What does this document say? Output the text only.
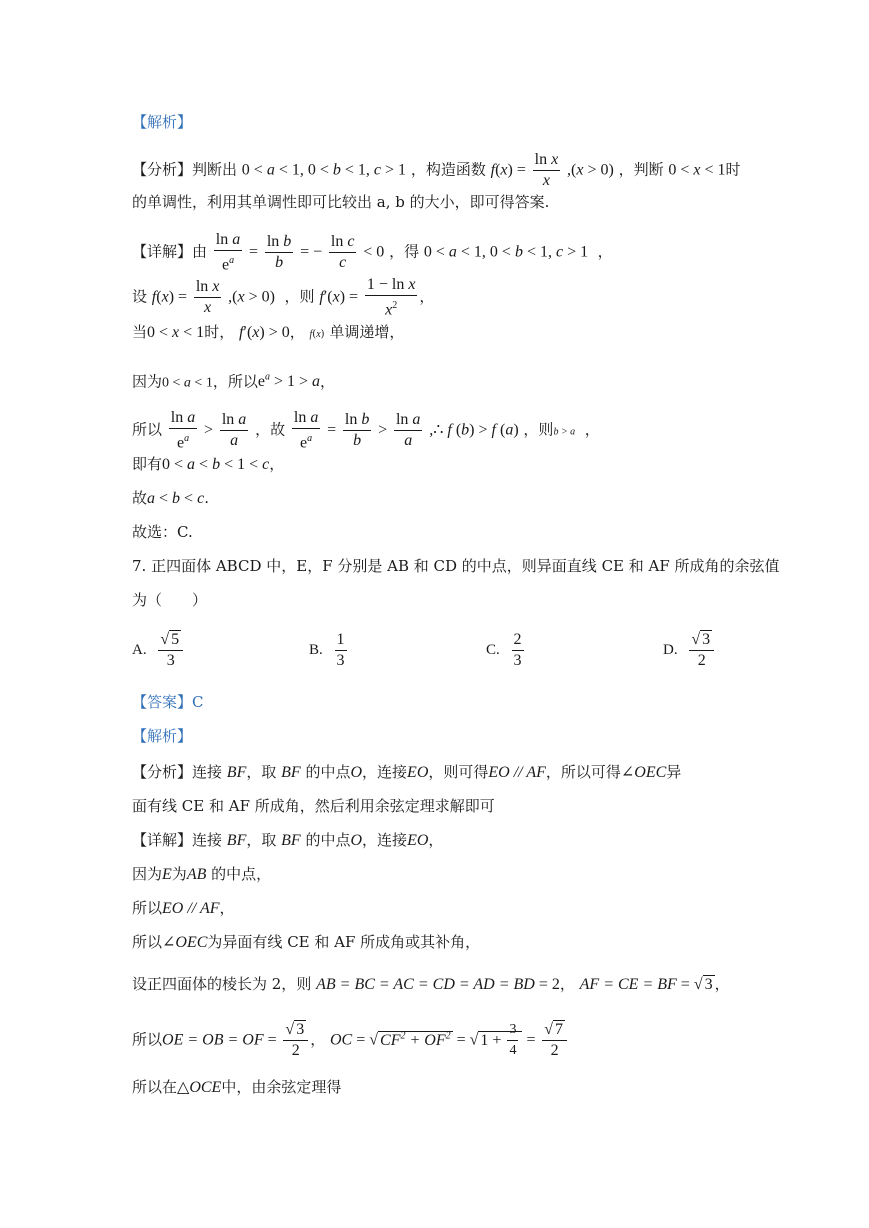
【解析】
【分析】判断出 0 < a < 1, 0 < b < 1, c > 1 ，构造函数 $f(x) = \frac{\text{ln x}}{x} ,(x > 0)$ ，判断 0 < x < 1时
的单调性，利用其单调性即可比较出 a, b 的大小，即可得答案.
【详解】由 $\frac{\text{ln a}}{e^a} = \frac{\text{ln b}}{b}$ = − $\frac{\text{ln c}}{c} < 0$ ，得 0 < a < 1, 0 < b < 1, c > 1  ，
设 $f(x) = \frac{\text{ln x}}{x} ,(x > 0)$ ，则 $f'(x) = \frac{\text{1 − ln x}}{x^2}$ ，
当0 < x < 1时， f′(x) > 0， f(x) 单调递增，
因为0 < a < 1，所以$e^a > 1 > a$，
所以 $\frac{\text{ln a}}{e^a} > \frac{\text{ln a}}{a}$ ，故 $\frac{\text{ln a}}{e^a} = \frac{\text{ln b}}{b} > \frac{\text{ln a}}{a}$ ,∴ f (b) > f (a) ，则b > a  ，
即有0 < a < b < 1 < c，
故a < b < c.
故选：C.
7. 正四面体 ABCD 中，E，F 分别是 AB 和 CD 的中点，则异面直线 CE 和 AF 所成角的余弦值
为（　　）
A. $\frac{√ 5}{3}$	B. $\frac{1}{3}$	C. $\frac{2}{3}$	D. $\frac{√ 3}{2}$
【答案】C
【解析】
【分析】连接 BF，取 BF 的中点O，连接EO，则可得EO // AF，所以可得∠OEC异
面有线 CE 和 AF 所成角，然后利用余弦定理求解即可
【详解】连接 BF，取 BF 的中点O，连接EO，
因为E为AB 的中点，
所以EO // AF，
所以∠OEC为异面有线 CE 和 AF 所成角或其补角，
设正四面体的棱长为 2，则 AB = BC = AC = CD = AD = BD = 2， AF = CE = BF = √ 3 ，
所以OE = OB = OF = $\frac{√ 3}{2}$ ， OC = √ $CF^2 + OF^2$ = √ $1 + \frac{3}{4} = \frac{√ 7}{2}$
所以在△OCE中，由余弦定理得
